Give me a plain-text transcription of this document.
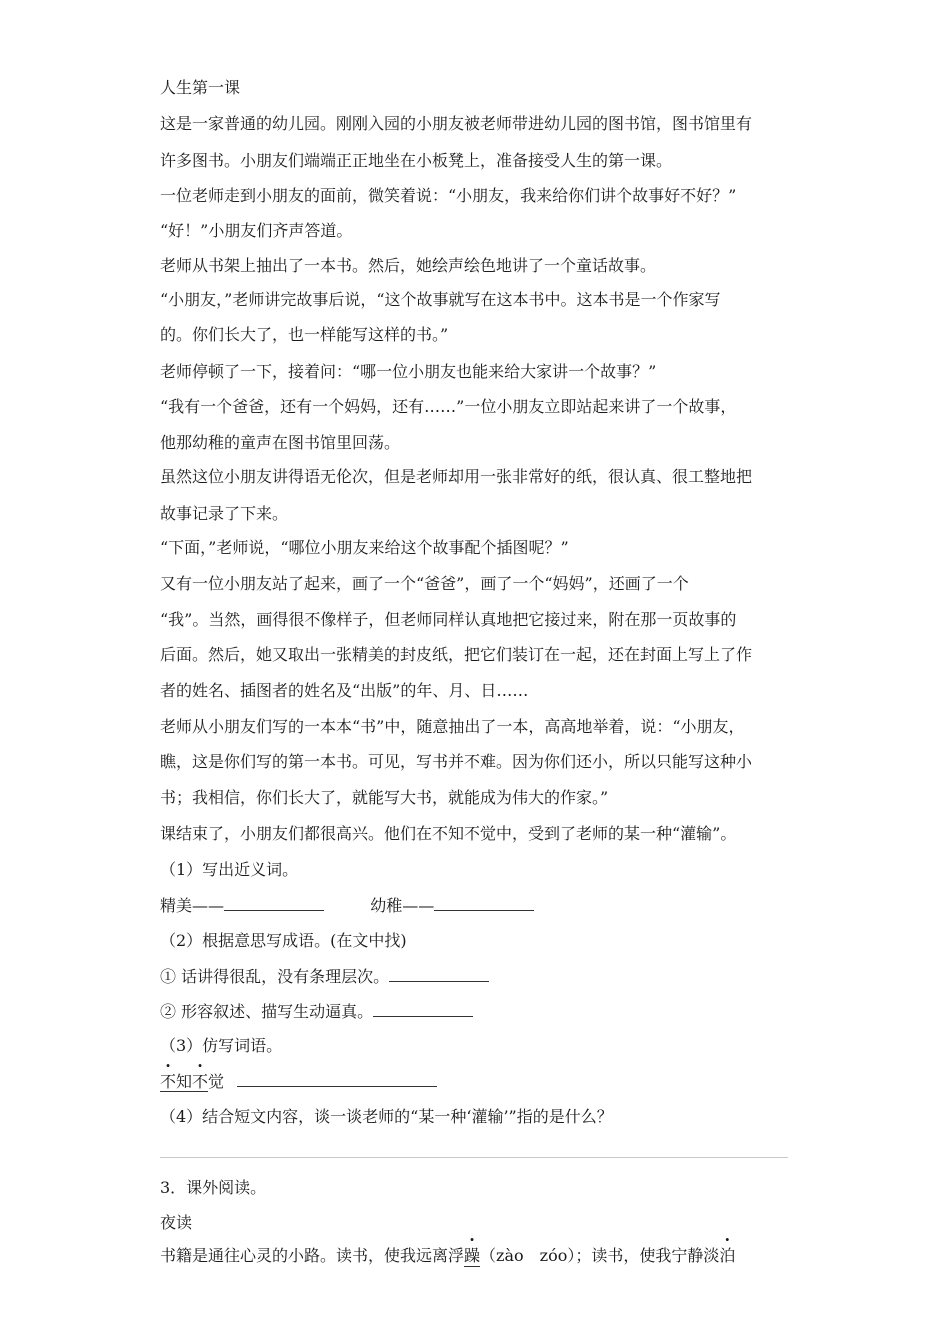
人生第一课
这是一家普通的幼儿园。刚刚入园的小朋友被老师带进幼儿园的图书馆，图书馆里有
许多图书。小朋友们端端正正地坐在小板凳上，准备接受人生的第一课。
一位老师走到小朋友的面前，微笑着说：“小朋友，我来给你们讲个故事好不好？”
“好！”小朋友们齐声答道。
老师从书架上抽出了一本书。然后，她绘声绘色地讲了一个童话故事。
“小朋友，”老师讲完故事后说，“这个故事就写在这本书中。这本书是一个作家写
的。你们长大了，也一样能写这样的书。”
老师停顿了一下，接着问：“哪一位小朋友也能来给大家讲一个故事？”
“我有一个爸爸，还有一个妈妈，还有……”一位小朋友立即站起来讲了一个故事，
他那幼稚的童声在图书馆里回荡。
虽然这位小朋友讲得语无伦次，但是老师却用一张非常好的纸，很认真、很工整地把
故事记录了下来。
“下面，”老师说，“哪位小朋友来给这个故事配个插图呢？”
又有一位小朋友站了起来，画了一个“爸爸”，画了一个“妈妈”，还画了一个
“我”。当然，画得很不像样子，但老师同样认真地把它接过来，附在那一页故事的
后面。然后，她又取出一张精美的封皮纸，把它们装订在一起，还在封面上写上了作
者的姓名、插图者的姓名及“出版”的年、月、日……
老师从小朋友们写的一本本“书”中，随意抽出了一本，高高地举着，说：“小朋友，
瞧，这是你们写的第一本书。可见，写书并不难。因为你们还小，所以只能写这种小
书；我相信，你们长大了，就能写大书，就能成为伟大的作家。”
课结束了，小朋友们都很高兴。他们在不知不觉中，受到了老师的某一种“灌输”。
（1）写出近义词。
精美——	幼稚——
（2）根据意思写成语。(在文中找)
① 话讲得很乱，没有条理层次。
② 形容叙述、描写生动逼真。
（3）仿写词语。
不知不觉
（4）结合短文内容，谈一谈老师的“某一种‘灌输’”指的是什么？
3．课外阅读。
夜读
书籍是通往心灵的小路。读书，使我远离浮躁（zào　zóo）；读书，使我宁静淡泊
